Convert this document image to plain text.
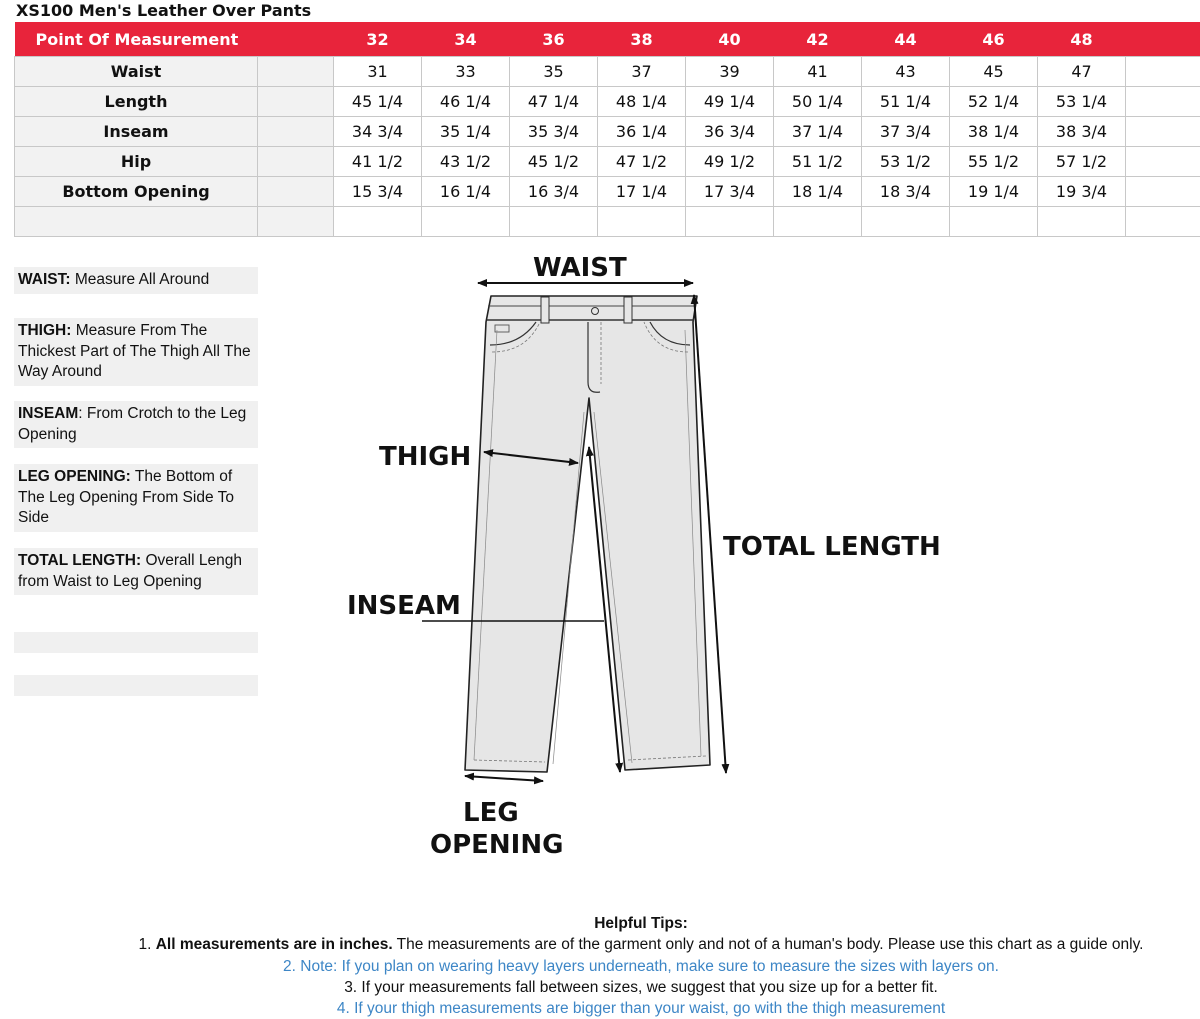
XS100 Men's Leather Over Pants
Point Of Measurement		32	34	36	38	40	42	44	46	48	
Waist		31	33	35	37	39	41	43	45	47	
Length		45 1/4	46 1/4	47 1/4	48 1/4	49 1/4	50 1/4	51 1/4	52 1/4	53 1/4	
Inseam		34 3/4	35 1/4	35 3/4	36 1/4	36 3/4	37 1/4	37 3/4	38 1/4	38 3/4	
Hip		41 1/2	43 1/2	45 1/2	47 1/2	49 1/2	51 1/2	53 1/2	55 1/2	57 1/2	
Bottom Opening		15 3/4	16 1/4	16 3/4	17 1/4	17 3/4	18 1/4	18 3/4	19 1/4	19 3/4	

WAIST: Measure All Around
THIGH: Measure From The Thickest Part of The Thigh All The Way Around
INSEAM: From Crotch to the Leg Opening
LEG OPENING: The Bottom of The Leg Opening From Side To Side
TOTAL LENGTH: Overall Lengh from Waist to Leg Opening
WAIST
THIGH
INSEAM
TOTAL LENGTH
LEG
OPENING
Helpful Tips:
1. All measurements are in inches. The measurements are of the garment only and not of a human's body. Please use this chart as a guide only.
2. Note: If you plan on wearing heavy layers underneath, make sure to measure the sizes with layers on.
3. If your measurements fall between sizes, we suggest that you size up for a better fit.
4. If your thigh measurements are bigger than your waist, go with the thigh measurement
